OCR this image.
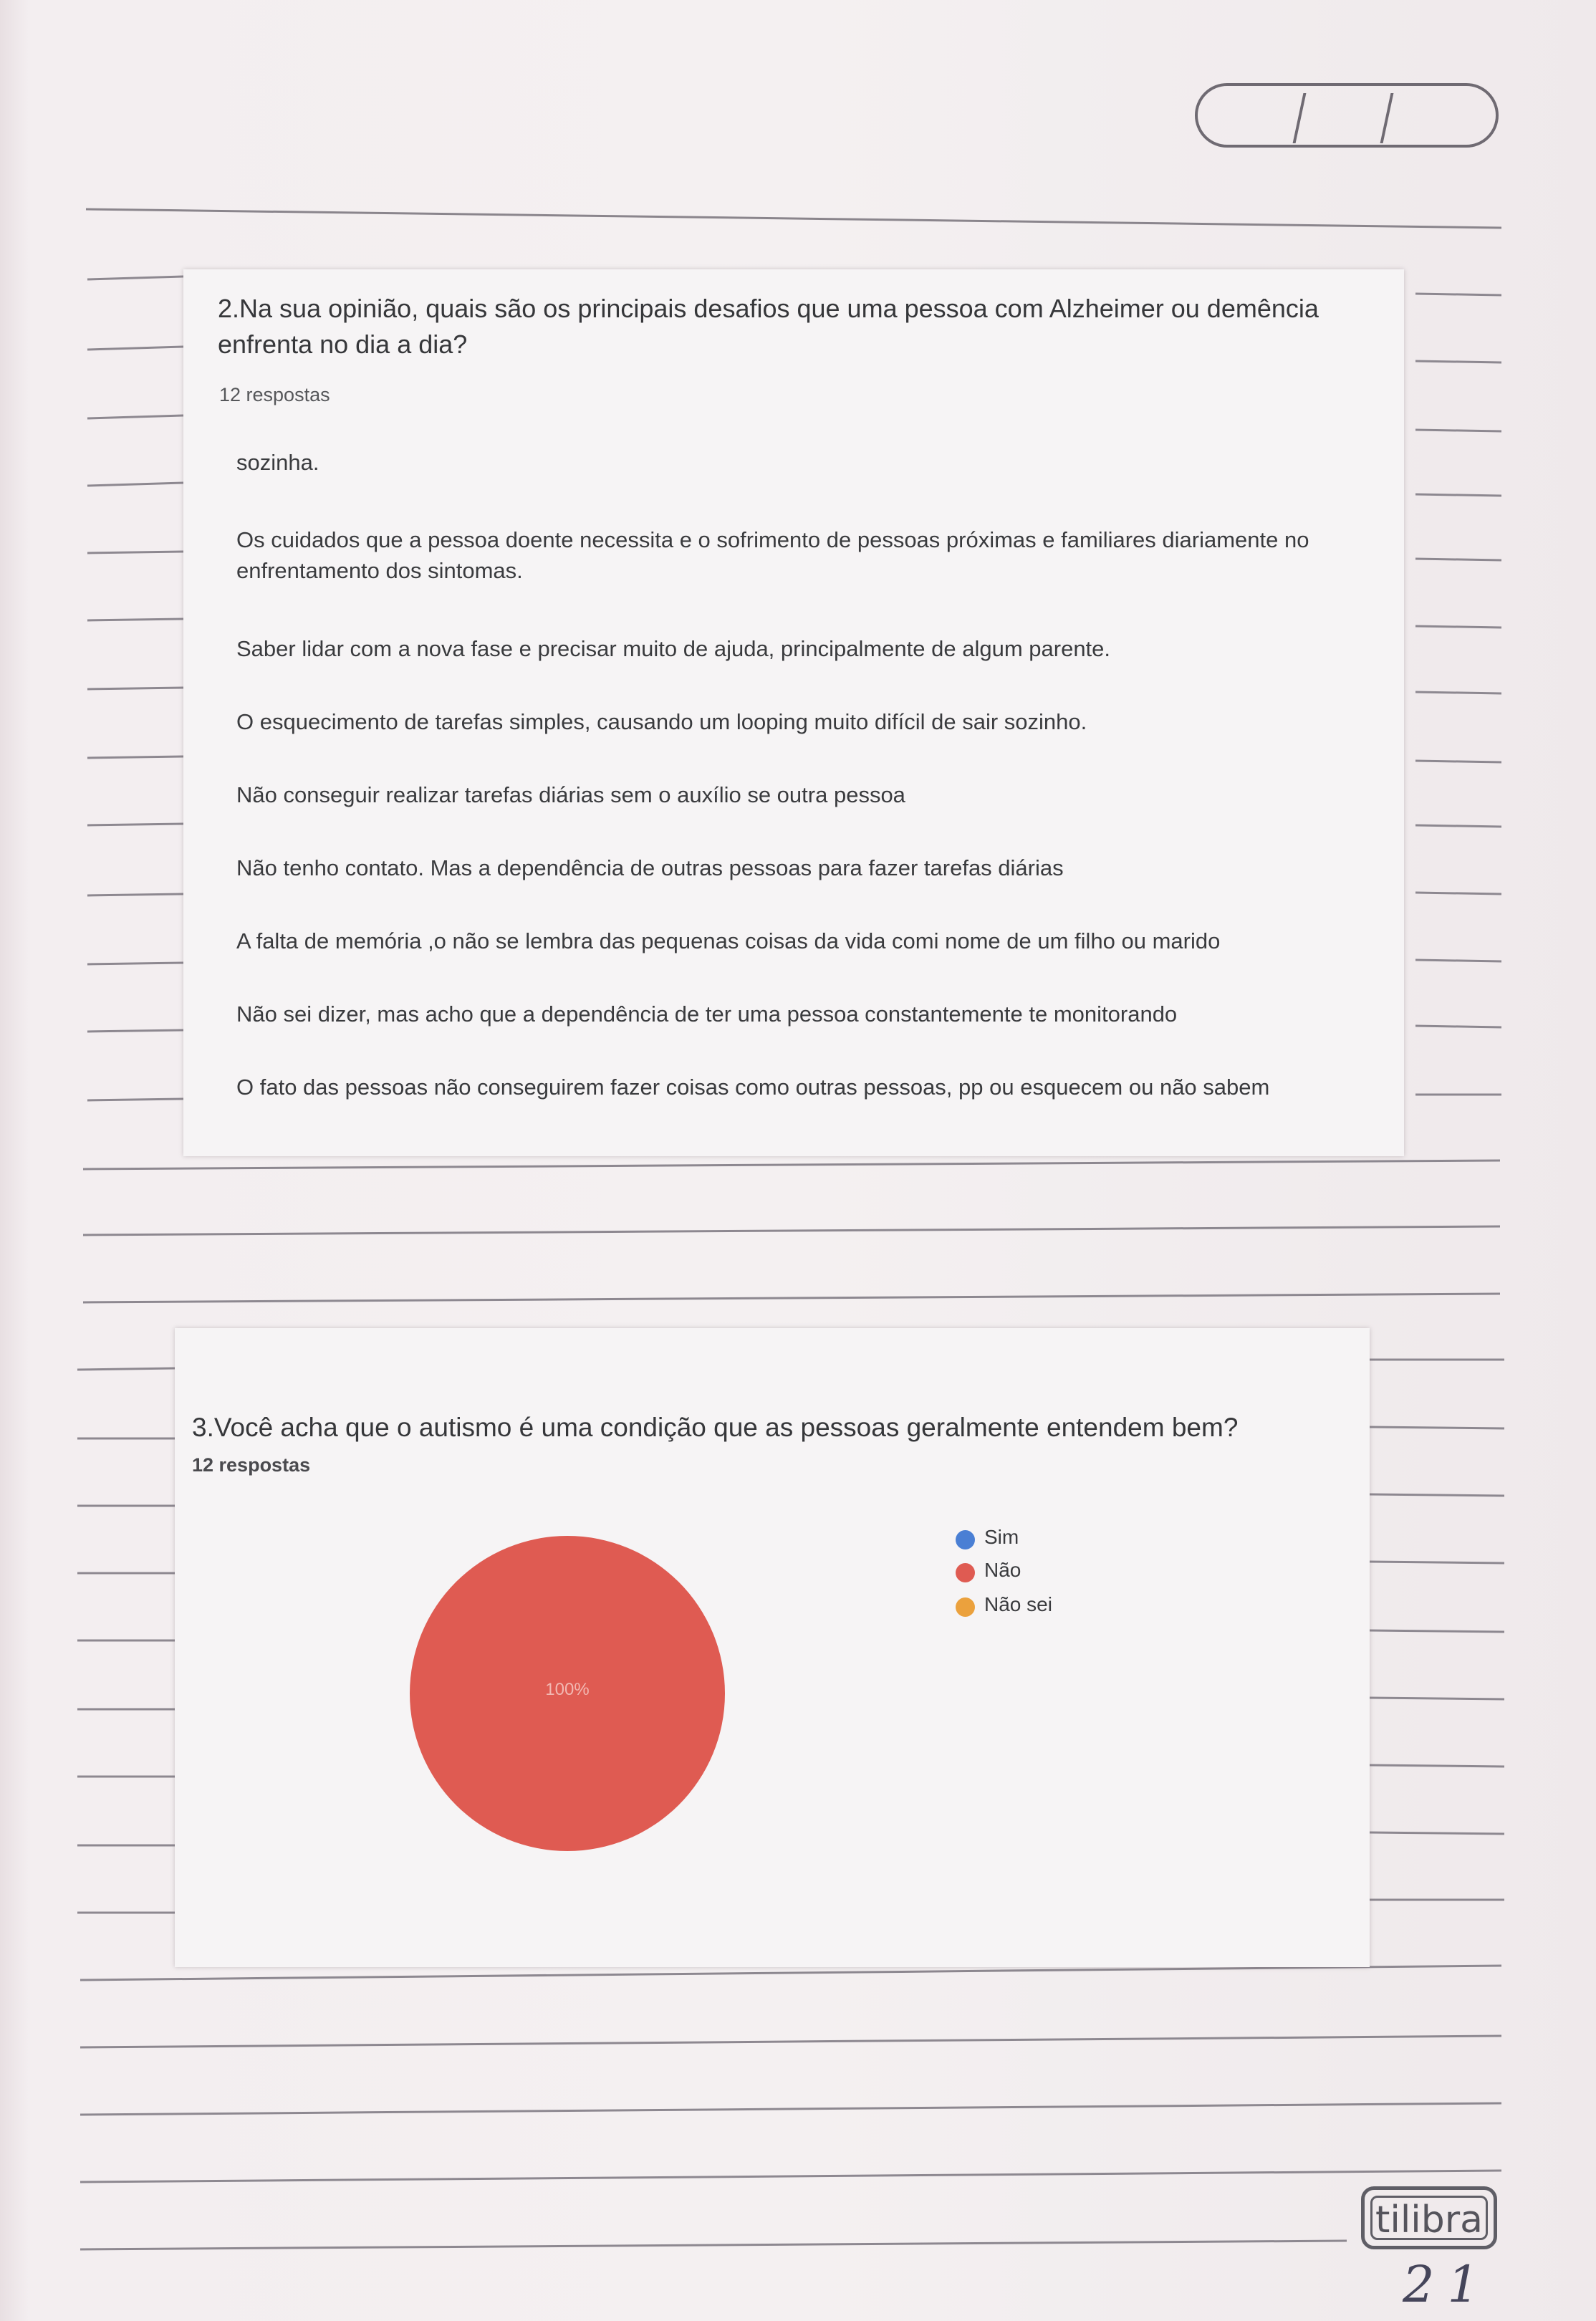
2.Na sua opinião, quais são os principais desafios que uma pessoa com Alzheimer ou demência enfrenta no dia a dia?
12 respostas
sozinha.
Os cuidados que a pessoa doente necessita e o sofrimento de pessoas próximas e familiares diariamente no enfrentamento dos sintomas.
Saber lidar com a nova fase e precisar muito de ajuda, principalmente de algum parente.
O esquecimento de tarefas simples, causando um looping muito difícil de sair sozinho.
Não conseguir realizar tarefas diárias sem o auxílio se outra pessoa
Não tenho contato. Mas a dependência de outras pessoas para fazer tarefas diárias
A falta de memória ,o não se lembra das pequenas coisas da vida comi nome de um filho ou marido
Não sei dizer, mas acho que a dependência de ter uma pessoa constantemente te monitorando
O fato das pessoas não conseguirem fazer coisas como outras pessoas, pp ou esquecem ou não sabem
3.Você acha que o autismo é uma condição que as pessoas geralmente entendem bem?
12 respostas
100%
Sim
Não
Não sei
tilibra
21
